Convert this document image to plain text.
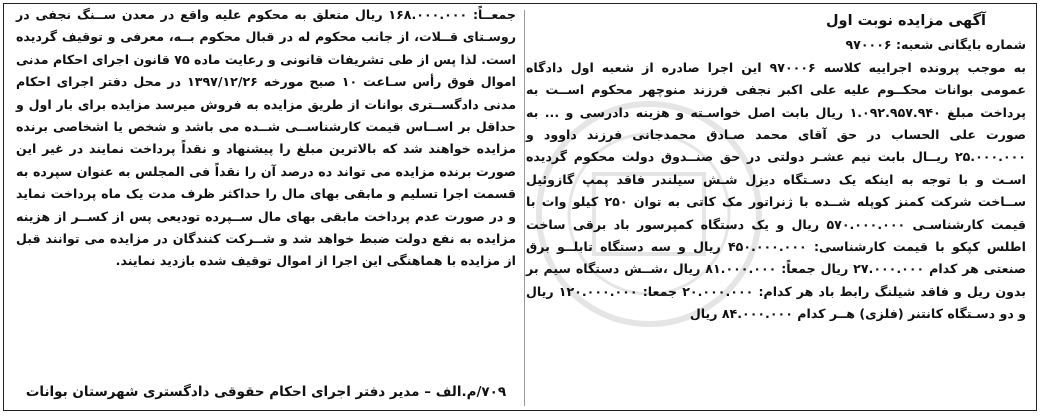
آگهی مزایده نوبت اول
شماره بایگانی شعبه: ۹۷۰۰۰۶
به موجب پرونده اجراییه کلاسه ۹۷۰۰۰۶ این اجرا صادره از شعبه اول دادگاه عمومی بوانات محکــوم علیه علی اکبر نجفی فرزند منوچهر محکوم اســت به پرداخت مبلغ ۱.۰۹۲.۹۵۷.۹۴۰ ریال بابت اصل خواسـته و هزینه دادرسی و ... به صورت علی الحساب در حق آقای محمد صـادق محمدجانی فرزند داوود و ۲۵.۰۰۰.۰۰۰ ریــال بابت نیم عشـر دولتی در حق صنــدوق دولت محکوم گردیده اسـت و با توجه به اینکه یک دسـتگاه دیزل شـش سیلندر فاقد پمپ گازوئیل ســاخت شرکت کمنز کوپله شــده با ژنراتور مک کاتی به توان ۲۵۰ کیلو وات با قیمت کارشناسـی ۵۷۰.۰۰۰.۰۰۰ ریال و یک دستگاه کمپرسور باد برقی ساخت اطلس کپکو با قیمت کارشناسی: ۴۵۰.۰۰۰.۰۰۰ ریال و سه دستگاه تابلــو برق صنعتی هر کدام ۲۷.۰۰۰.۰۰۰ ریال جمعاً: ۸۱.۰۰۰.۰۰۰ ریال ،شــش دستگاه سیم بر بدون ریل و فاقد شیلنگ رابط باد هر کدام: ۲۰.۰۰۰.۰۰۰ جمعا: ۱۲۰.۰۰۰.۰۰۰ ریال و دو دسـتگاه کانتنر (فلزی) هــر کدام ۸۴.۰۰۰.۰۰۰ ریال
جمعــاً: ۱۶۸.۰۰۰.۰۰۰ ریال متعلق به محکوم علیه واقع در معدن ســنگ نجفی در روسـتای قــلات، از جانب محکوم له در قبال محکوم بــه، معرفی و توقیف گردیده است. لذا پس از طی تشریفات قانونی و رعایت ماده ۷۵ قانون اجرای احکام مدنی اموال فوق رأس سـاعت ۱۰ صبح مورخه ۱۳۹۷/۱۲/۲۶ در محل دفتر اجرای احکام مدنی دادگســتری بوانات از طریق مزایده به فروش میرسد مزایده برای بار اول و حداقل بر اســاس قیمت کارشناســی شــده می باشد و شخص یا اشخاصی برنده مزایده خواهند شد که بالاترین مبلغ را پیشنهاد و نقداً پرداخت نمایند در غیر این صورت برنده مزایده می تواند ده درصد آن را نقداً فی المجلس به عنوان سپرده به قسمت اجرا تسلیم و مابقی بهای مال را حداکثر ظرف مدت یک ماه پرداخت نماید و در صورت عدم پرداخت مابقی بهای مال ســپرده تودیعی پس از کســر از هزینه مزایده به نفع دولت ضبط خواهد شد و شــرکت کنندگان در مزایده می توانند قبل از مزایده با هماهنگی این اجرا از اموال توقیف شده بازدید نمایند.
۷۰۹/م.الف – مدیر دفتر اجرای احکام حقوقی دادگستری شهرستان بوانات
